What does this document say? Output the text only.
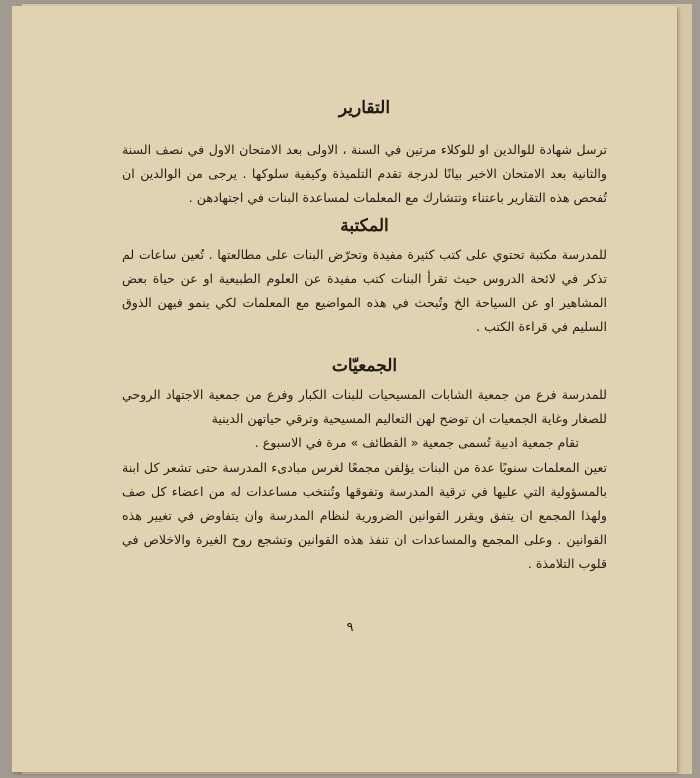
التقارير

ترسل شهادة للوالدين او للوكلاء مرتين في السنة ، الاولى بعد الامتحان الاول في نصف السنة والثانية بعد الامتحان الاخير بيانًا لدرجة تقدم التلميذة وكيفية سلوكها . يرجى من الوالدين ان تُفحص هذه التقارير باعتناء وتتشارك مع المعلمات لمساعدة البنات في اجتهادهن .

المكتبة

للمدرسة مكتبة تحتوي على كتب كثيرة مفيدة وتحرّض البنات على مطالعتها . تُعين ساعات لم تذكر في لائحة الدروس حيث تقرأ البنات كتب مفيدة عن العلوم الطبيعية او عن حياة بعض المشاهير او عن السياحة الخ وتُبحث في هذه المواضيع مع المعلمات لكي ينمو فيهن الذوق السليم في قراءة الكتب .

الجمعيّات

للمدرسة فرع من جمعية الشابات المسيحيات للبنات الكبار وفرع من جمعية الاجتهاد الروحي للصغار وغاية الجمعيات ان توضح لهن التعاليم المسيحية وترقي حياتهن الدينية

تقام جمعية ادبية تُسمى جمعية « القطائف » مرة في الاسبوع .

تعين المعلمات سنويًا عدة من البنات يؤلفن مجمعًا لغرس مبادىء المدرسة حتى تشعر كل ابنة بالمسؤولية التي عليها في ترقية المدرسة وتفوقها وتُنتخب مساعدات له من اعضاء كل صف ولهذا المجمع ان يتفق ويقرر القوانين الضرورية لنظام المدرسة وان يتفاوض في تغيير هذه القوانين . وعلى المجمع والمساعدات ان تنفذ هذه القوانين وتشجع روح الغيرة والاخلاص في قلوب التلامذة .

٩
